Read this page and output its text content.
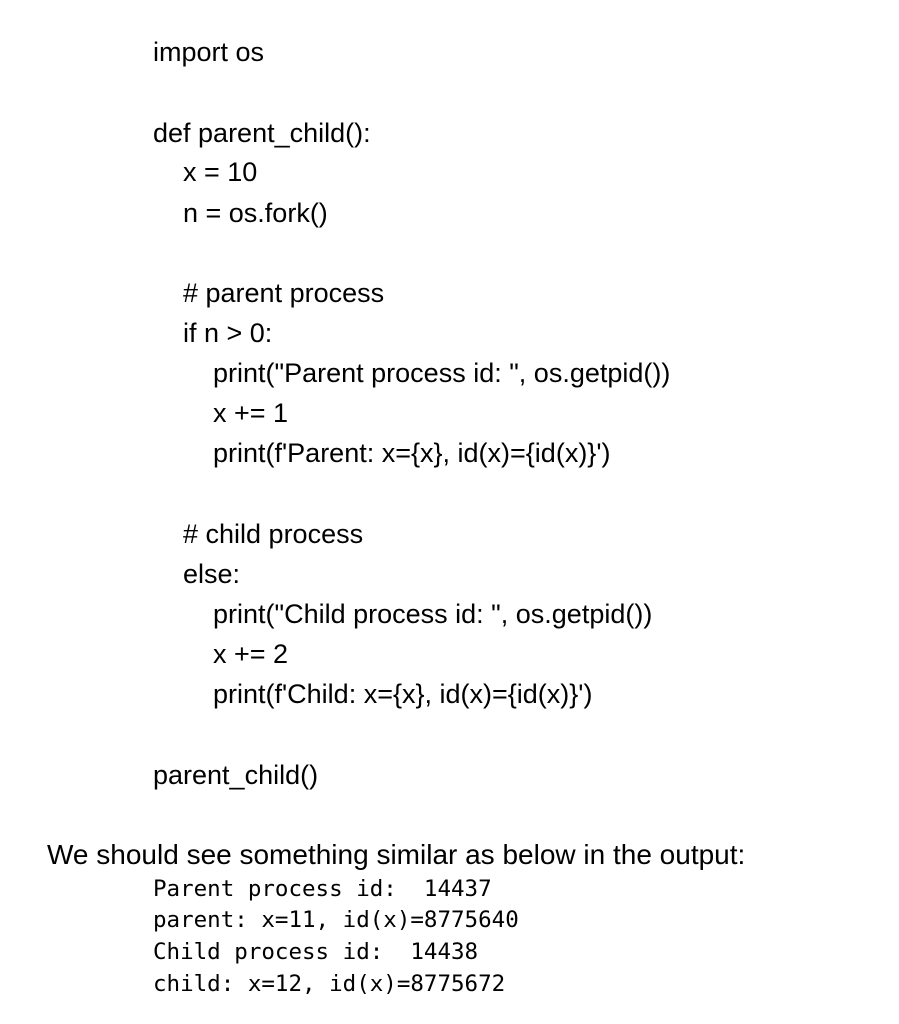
import os
def parent_child():
x = 10
n = os.fork()
# parent process
if n > 0:
print("Parent process id: ", os.getpid())
x += 1
print(f'Parent: x={x}, id(x)={id(x)}')
# child process
else:
print("Child process id: ", os.getpid())
x += 2
print(f'Child: x={x}, id(x)={id(x)}')
parent_child()
We should see something similar as below in the output:
Parent process id:  14437
parent: x=11, id(x)=8775640
Child process id:  14438
child: x=12, id(x)=8775672
